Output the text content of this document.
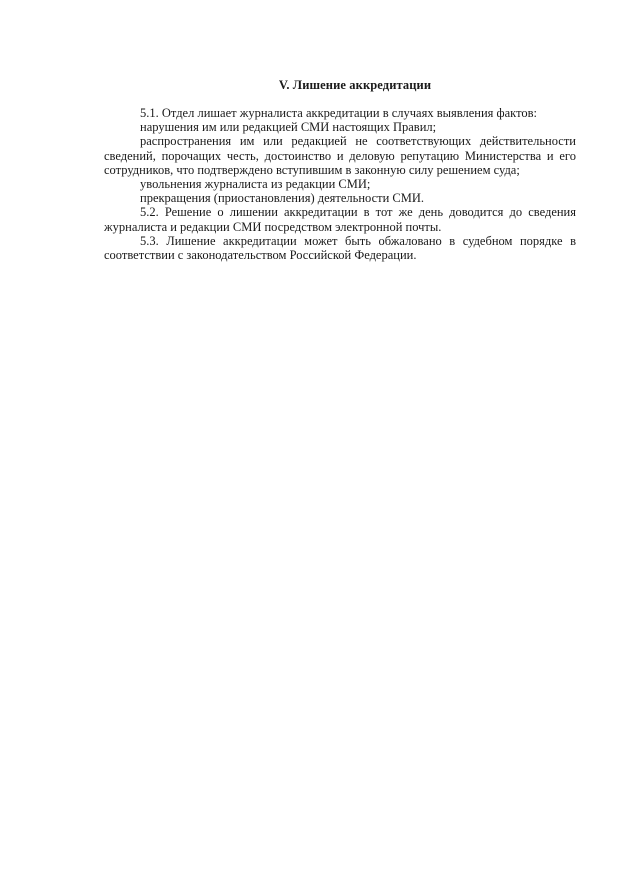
V. Лишение аккредитации

5.1. Отдел лишает журналиста аккредитации в случаях выявления фактов:

нарушения им или редакцией СМИ настоящих Правил;

распространения им или редакцией не соответствующих действительности сведений, порочащих честь, достоинство и деловую репутацию Министерства и его сотрудников, что подтверждено вступившим в законную силу решением суда;

увольнения журналиста из редакции СМИ;

прекращения (приостановления) деятельности СМИ.

5.2. Решение о лишении аккредитации в тот же день доводится до сведения журналиста и редакции СМИ посредством электронной почты.

5.3. Лишение аккредитации может быть обжаловано в судебном порядке в соответствии с законодательством Российской Федерации.
